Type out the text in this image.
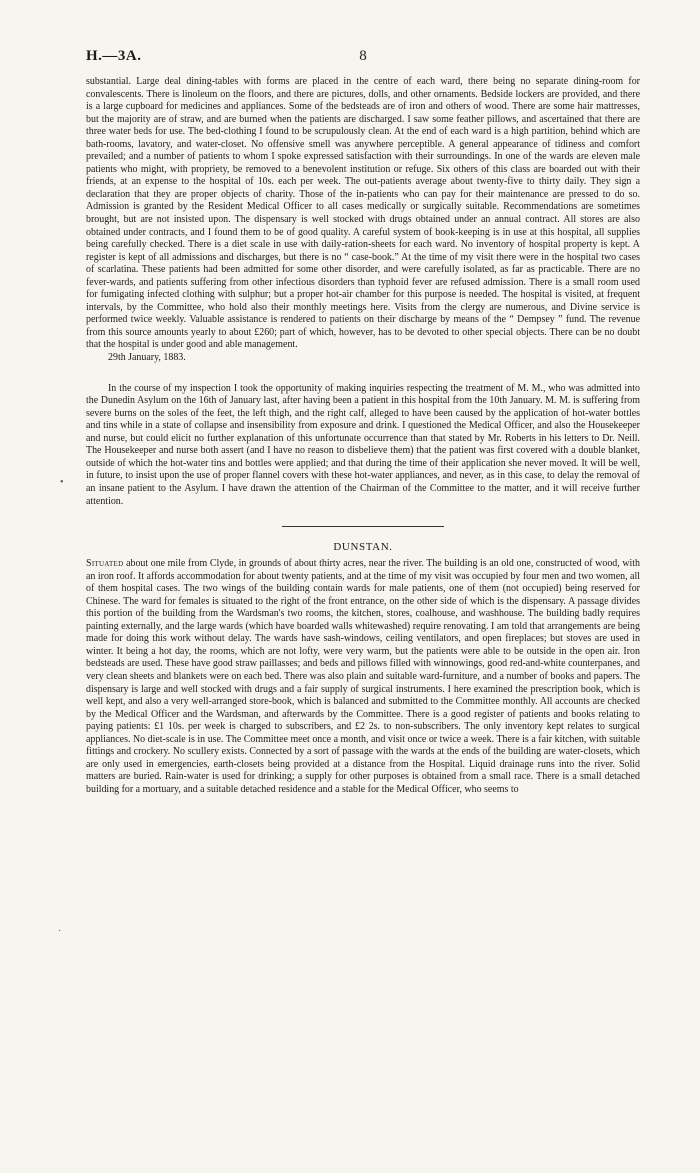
H.—3A.	8

substantial. Large deal dining-tables with forms are placed in the centre of each ward, there being no separate dining-room for convalescents. There is linoleum on the floors, and there are pictures, dolls, and other ornaments. Bedside lockers are provided, and there is a large cupboard for medicines and appliances. Some of the bedsteads are of iron and others of wood. There are some hair mattresses, but the majority are of straw, and are burned when the patients are discharged. I saw some feather pillows, and ascertained that there are three water beds for use. The bed-clothing I found to be scrupulously clean. At the end of each ward is a high partition, behind which are bath-rooms, lavatory, and water-closet. No offensive smell was anywhere perceptible. A general appearance of tidiness and comfort prevailed; and a number of patients to whom I spoke expressed satisfaction with their surroundings. In one of the wards are eleven male patients who might, with propriety, be removed to a benevolent institution or refuge. Six others of this class are boarded out with their friends, at an expense to the hospital of 10s. each per week. The out-patients average about twenty-five to thirty daily. They sign a declaration that they are proper objects of charity. Those of the in-patients who can pay for their maintenance are pressed to do so. Admission is granted by the Resident Medical Officer to all cases medically or surgically suitable. Recommendations are sometimes brought, but are not insisted upon. The dispensary is well stocked with drugs obtained under an annual contract. All stores are also obtained under contracts, and I found them to be of good quality. A careful system of book-keeping is in use at this hospital, all supplies being carefully checked. There is a diet scale in use with daily-ration-sheets for each ward. No inventory of hospital property is kept. A register is kept of all admissions and discharges, but there is no “ case-book.” At the time of my visit there were in the hospital two cases of scarlatina. These patients had been admitted for some other disorder, and were carefully isolated, as far as practicable. There are no fever-wards, and patients suffering from other infectious disorders than typhoid fever are refused admission. There is a small room used for fumigating infected clothing with sulphur; but a proper hot-air chamber for this purpose is needed. The hospital is visited, at frequent intervals, by the Committee, who hold also their monthly meetings here. Visits from the clergy are numerous, and Divine service is performed twice weekly. Valuable assistance is rendered to patients on their discharge by means of the “ Dempsey ” fund. The revenue from this source amounts yearly to about £260; part of which, however, has to be devoted to other special objects. There can be no doubt that the hospital is under good and able management.

29th January, 1883.

In the course of my inspection I took the opportunity of making inquiries respecting the treatment of M. M., who was admitted into the Dunedin Asylum on the 16th of January last, after having been a patient in this hospital from the 10th January. M. M. is suffering from severe burns on the soles of the feet, the left thigh, and the right calf, alleged to have been caused by the application of hot-water bottles and tins while in a state of collapse and insensibility from exposure and drink. I questioned the Medical Officer, and also the Housekeeper and nurse, but could elicit no further explanation of this unfortunate occurrence than that stated by Mr. Roberts in his letters to Dr. Neill. The Housekeeper and nurse both assert (and I have no reason to disbelieve them) that the patient was first covered with a double blanket, outside of which the hot-water tins and bottles were applied; and that during the time of their application she never moved. It will be well, in future, to insist upon the use of proper flannel covers with these hot-water appliances, and never, as in this case, to delay the removal of an insane patient to the Asylum. I have drawn the attention of the Chairman of the Committee to the matter, and it will receive further attention.

DUNSTAN.

Situated about one mile from Clyde, in grounds of about thirty acres, near the river. The building is an old one, constructed of wood, with an iron roof. It affords accommodation for about twenty patients, and at the time of my visit was occupied by four men and two women, all of them hospital cases. The two wings of the building contain wards for male patients, one of them (not occupied) being reserved for Chinese. The ward for females is situated to the right of the front entrance, on the other side of which is the dispensary. A passage divides this portion of the building from the Wardsman's two rooms, the kitchen, stores, coalhouse, and washhouse. The building badly requires painting externally, and the large wards (which have boarded walls whitewashed) require renovating. I am told that arrangements are being made for doing this work without delay. The wards have sash-windows, ceiling ventilators, and open fireplaces; but stoves are used in winter. It being a hot day, the rooms, which are not lofty, were very warm, but the patients were able to be outside in the open air. Iron bedsteads are used. These have good straw paillasses; and beds and pillows filled with winnowings, good red-and-white counterpanes, and very clean sheets and blankets were on each bed. There was also plain and suitable ward-furniture, and a number of books and papers. The dispensary is large and well stocked with drugs and a fair supply of surgical instruments. I here examined the prescription book, which is well kept, and also a very well-arranged store-book, which is balanced and submitted to the Committee monthly. All accounts are checked by the Medical Officer and the Wardsman, and afterwards by the Committee. There is a good register of patients and books relating to paying patients: £1 10s. per week is charged to subscribers, and £2 2s. to non-subscribers. The only inventory kept relates to surgical appliances. No diet-scale is in use. The Committee meet once a month, and visit once or twice a week. There is a fair kitchen, with suitable fittings and crockery. No scullery exists. Connected by a sort of passage with the wards at the ends of the building are water-closets, which are only used in emergencies, earth-closets being provided at a distance from the Hospital. Liquid drainage runs into the river. Solid matters are buried. Rain-water is used for drinking; a supply for other purposes is obtained from a small race. There is a small detached building for a mortuary, and a suitable detached residence and a stable for the Medical Officer, who seems to

•
·
